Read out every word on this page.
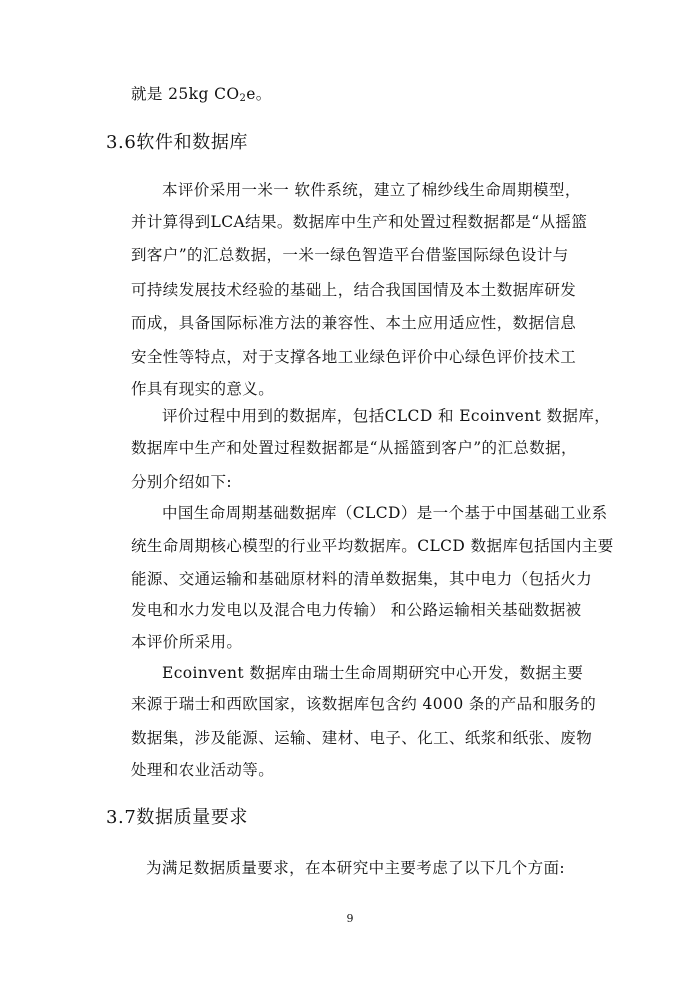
就是 25kg $CO_2e$。
3.6软件和数据库
本评价采用一米一 软件系统，建立了棉纱线生命周期模型，
并计算得到LCA结果。数据库中生产和处置过程数据都是“从摇篮
到客户”的汇总数据，一米一绿色智造平台借鉴国际绿色设计与
可持续发展技术经验的基础上，结合我国国情及本土数据库研发
而成，具备国际标准方法的兼容性、本土应用适应性，数据信息
安全性等特点，对于支撑各地工业绿色评价中心绿色评价技术工
作具有现实的意义。
评价过程中用到的数据库，包括CLCD 和 Ecoinvent 数据库，
数据库中生产和处置过程数据都是“从摇篮到客户”的汇总数据，
分别介绍如下:
中国生命周期基础数据库（CLCD）是一个基于中国基础工业系
统生命周期核心模型的行业平均数据库。CLCD 数据库包括国内主要
能源、交通运输和基础原材料的清单数据集，其中电力（包括火力
发电和水力发电以及混合电力传输） 和公路运输相关基础数据被
本评价所采用。
Ecoinvent 数据库由瑞士生命周期研究中心开发，数据主要
来源于瑞士和西欧国家，该数据库包含约 4000 条的产品和服务的
数据集，涉及能源、运输、建材、电子、化工、纸浆和纸张、废物
处理和农业活动等。
3.7数据质量要求
为满足数据质量要求，在本研究中主要考虑了以下几个方面:
9
